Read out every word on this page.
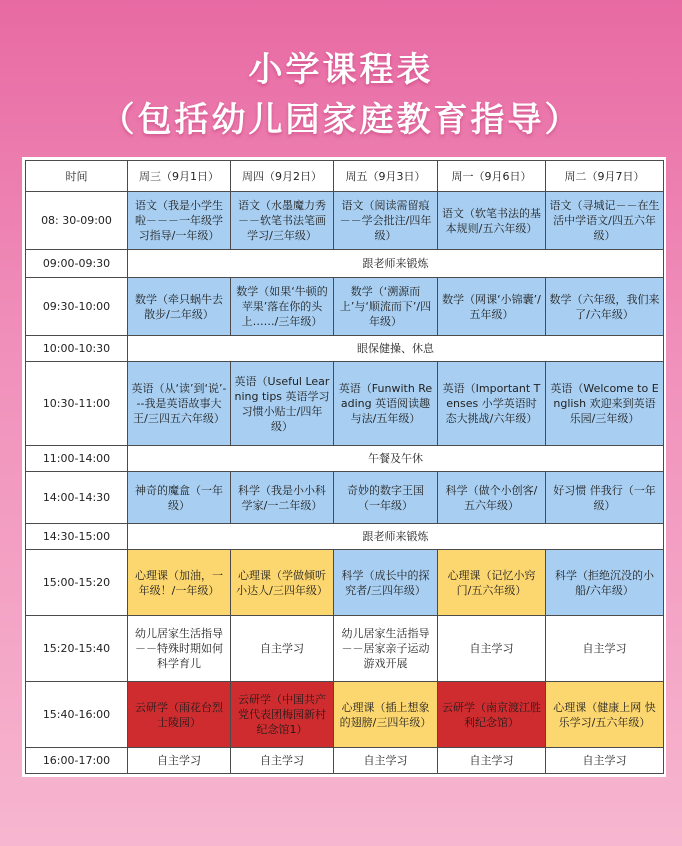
小学课程表
（包括幼儿园家庭教育指导）
时间	周三（9月1日）	周四（9月2日）	周五（9月3日）	周一（9月6日）	周二（9月7日）
08: 30-09:00	语文（我是小学生啦－－－一年级学习指导/一年级）	语文（水墨魔力秀－－软笔书法笔画学习/三年级）	语文（阅读需留痕－－学会批注/四年级）	语文（软笔书法的基本规则/五六年级）	语文（寻城记－－在生活中学语文/四五六年级）
09:00-09:30	跟老师来锻炼				
09:30-10:00	数学（牵只蜗牛去散步/二年级）	数学（如果‘牛顿的苹果’落在你的头上……/三年级）	数学（‘溯源而上’与‘顺流而下’/四年级）	数学（网课‘小锦囊’/五年级）	数学（六年级，我们来了/六年级）
10:00-10:30	眼保健操、休息				
10:30-11:00	英语（从‘读’到‘说’---我是英语故事大王/三四五六年级）	英语（Useful Learning tips 英语学习习惯小贴士/四年级）	英语（Funwith Reading 英语阅读趣与法/五年级）	英语（Important Tenses 小学英语时态大挑战/六年级）	英语（Welcome to English 欢迎来到英语乐园/三年级）
11:00-14:00	午餐及午休				
14:00-14:30	神奇的魔盒（一年级）	科学（我是小小科学家/一二年级）	奇妙的数字王国（一年级）	科学（做个小创客/五六年级）	好习惯 伴我行（一年级）
14:30-15:00	跟老师来锻炼				
15:00-15:20	心理课（加油，一年级！/一年级）	心理课（学做倾听小达人/三四年级）	科学（成长中的探究者/三四年级）	心理课（记忆小窍门/五六年级）	科学（拒绝沉没的小船/六年级）
15:20-15:40	幼儿居家生活指导－－特殊时期如何科学育儿	自主学习	幼儿居家生活指导－－居家亲子运动游戏开展	自主学习	自主学习
15:40-16:00	云研学（雨花台烈士陵园）	云研学（中国共产党代表团梅园新村纪念馆1）	心理课（插上想象的翅膀/三四年级）	云研学（南京渡江胜利纪念馆）	心理课（健康上网 快乐学习/五六年级）
16:00-17:00	自主学习	自主学习	自主学习	自主学习	自主学习
